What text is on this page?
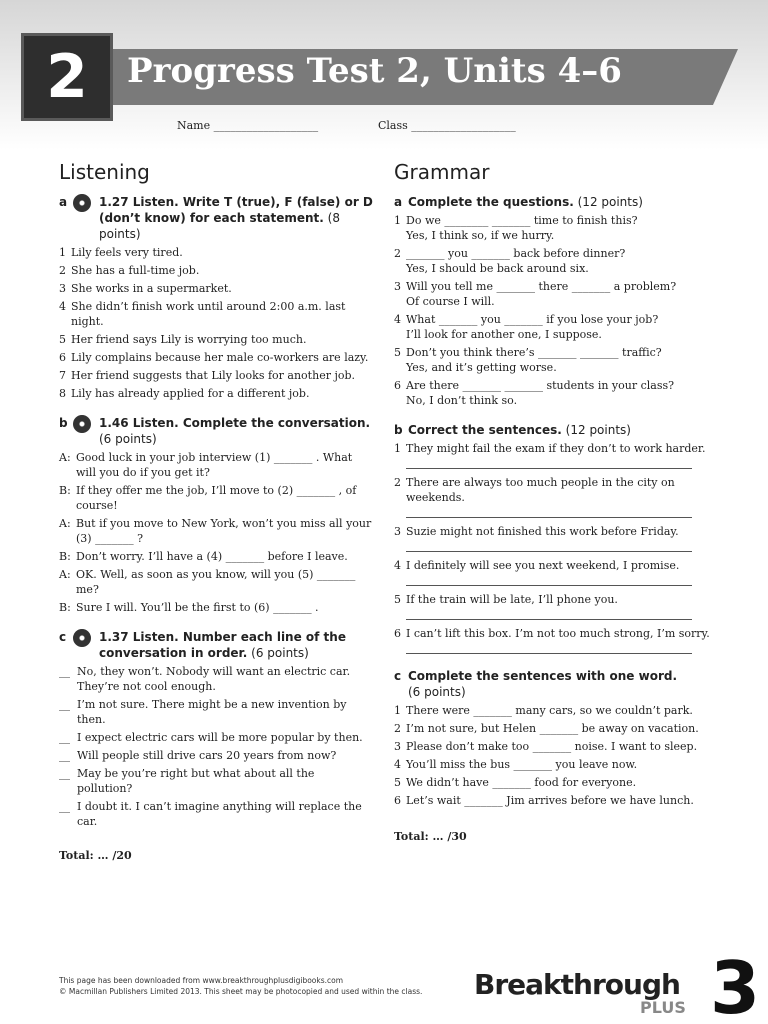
2 Progress Test 2, Units 4–6
Name ___________________	Class ___________________
Listening
a	1.27 Listen. Write T (true), F (false) or D (don’t know) for each statement. (8 points)
1 Lily feels very tired.
2 She has a full-time job.
3 She works in a supermarket.
4 She didn’t finish work until around 2:00 a.m. last night.
5 Her friend says Lily is worrying too much.
6 Lily complains because her male co-workers are lazy.
7 Her friend suggests that Lily looks for another job.
8 Lily has already applied for a different job.
b	1.46 Listen. Complete the conversation. (6 points)
A: Good luck in your job interview (1) _______ . What will you do if you get it?
B: If they offer me the job, I’ll move to (2) _______ , of course!
A: But if you move to New York, won’t you miss all your (3) _______ ?
B: Don’t worry. I’ll have a (4) _______ before I leave.
A: OK. Well, as soon as you know, will you (5) _______ me?
B: Sure I will. You’ll be the first to (6) _______ .
c	1.37 Listen. Number each line of the conversation in order. (6 points)
__ No, they won’t. Nobody will want an electric car. They’re not cool enough.
__ I’m not sure. There might be a new invention by then.
__ I expect electric cars will be more popular by then.
__ Will people still drive cars 20 years from now?
__ May be you’re right but what about all the pollution?
__ I doubt it. I can’t imagine anything will replace the car.
Total: … /20
Grammar
a Complete the questions. (12 points)
1 Do we ________ _______ time to finish this?
Yes, I think so, if we hurry.
2 _______ you _______ back before dinner?
Yes, I should be back around six.
3 Will you tell me _______ there _______ a problem?
Of course I will.
4 What _______ you _______ if you lose your job?
I’ll look for another one, I suppose.
5 Don’t you think there’s _______ _______ traffic?
Yes, and it’s getting worse.
6 Are there _______ _______ students in your class?
No, I don’t think so.
b Correct the sentences. (12 points)
1 They might fail the exam if they don’t to work harder.
2 There are always too much people in the city on weekends.
3 Suzie might not finished this work before Friday.
4 I definitely will see you next weekend, I promise.
5 If the train will be late, I’ll phone you.
6 I can’t lift this box. I’m not too much strong, I’m sorry.
c Complete the sentences with one word.
(6 points)
1 There were _______ many cars, so we couldn’t park.
2 I’m not sure, but Helen _______ be away on vacation.
3 Please don’t make too _______ noise. I want to sleep.
4 You’ll miss the bus _______ you leave now.
5 We didn’t have _______ food for everyone.
6 Let’s wait _______ Jim arrives before we have lunch.
Total: … /30
This page has been downloaded from www.breakthroughplusdigibooks.com
© Macmillan Publishers Limited 2013. This sheet may be photocopied and used within the class. Breakthrough
PLUS 3
